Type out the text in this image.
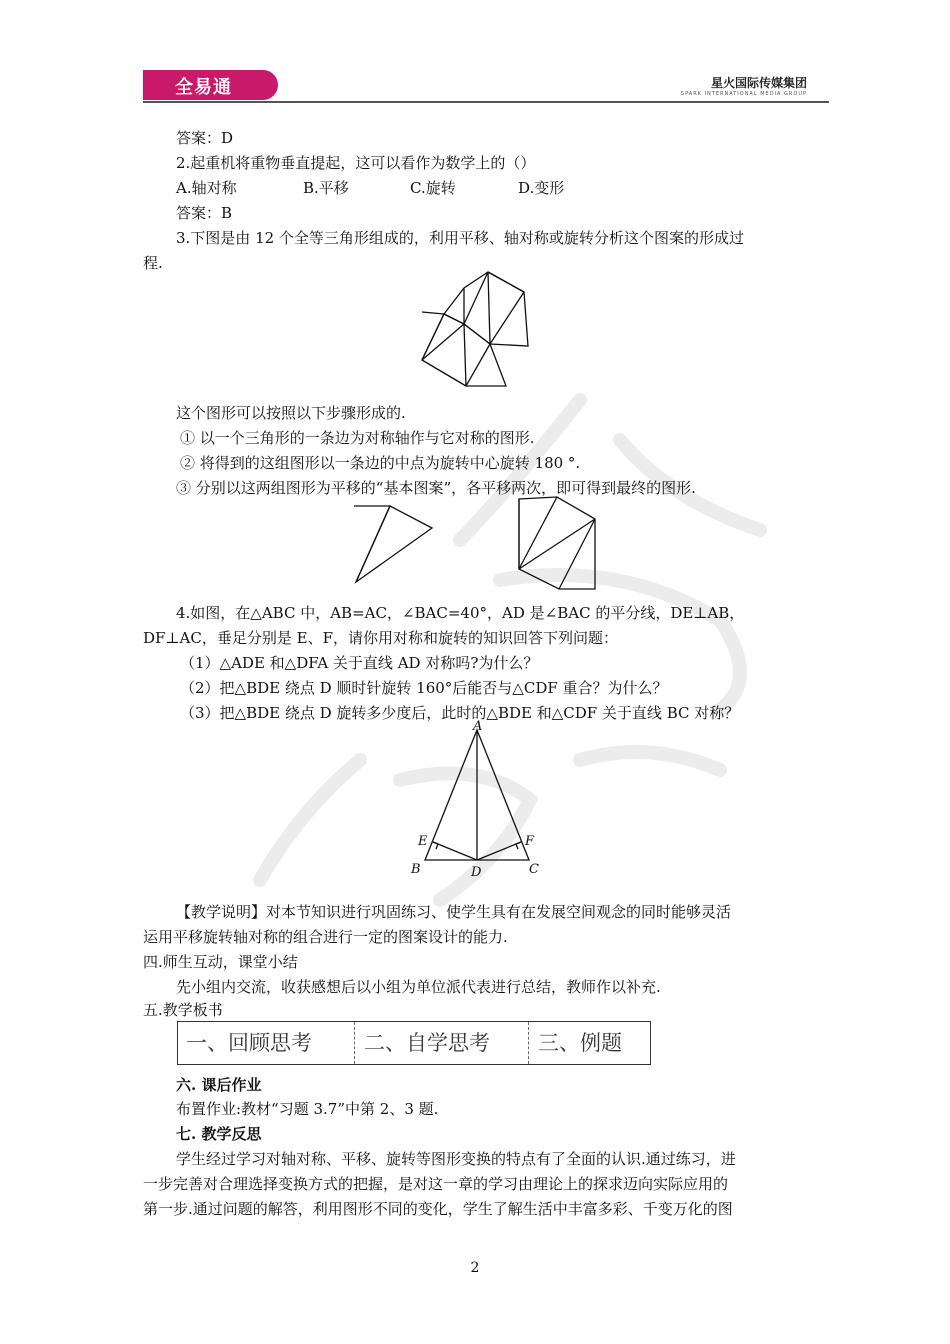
全易通	星火国际传媒集团
SPARK INTERNATIONAL MEDIA GROUP
答案：D
2.起重机将重物垂直提起，这可以看作为数学上的（）
A.轴对称	B.平移	C.旋转	D.变形
答案：B
3.下图是由 12 个全等三角形组成的，利用平移、轴对称或旋转分析这个图案的形成过
程.
这个图形可以按照以下步骤形成的.
① 以一个三角形的一条边为对称轴作与它对称的图形.
② 将得到的这组图形以一条边的中点为旋转中心旋转 180 °.
③ 分别以这两组图形为平移的“基本图案”，各平移两次，即可得到最终的图形.
4.如图，在△ABC 中，AB=AC，∠BAC=40°，AD 是∠BAC 的平分线，DE⊥AB，
DF⊥AC，垂足分别是 E、F，请你用对称和旋转的知识回答下列问题：
（1）△ADE 和△DFA 关于直线 AD 对称吗?为什么？
（2）把△BDE 绕点 D 顺时针旋转 160°后能否与△CDF 重合？为什么？
（3）把△BDE 绕点 D 旋转多少度后，此时的△BDE 和△CDF 关于直线 BC 对称？
A
B	C
D
E	F
【教学说明】对本节知识进行巩固练习、使学生具有在发展空间观念的同时能够灵活
运用平移旋转轴对称的组合进行一定的图案设计的能力.
四.师生互动，课堂小结
先小组内交流，收获感想后以小组为单位派代表进行总结，教师作以补充.
五.教学板书
一、回顾思考	二、自学思考	三、例题
六. 课后作业
布置作业:教材“习题 3.7”中第 2、3 题.
七. 教学反思
学生经过学习对轴对称、平移、旋转等图形变换的特点有了全面的认识.通过练习，进
一步完善对合理选择变换方式的把握，是对这一章的学习由理论上的探求迈向实际应用的
第一步.通过问题的解答，利用图形不同的变化，学生了解生活中丰富多彩、千变万化的图
2
